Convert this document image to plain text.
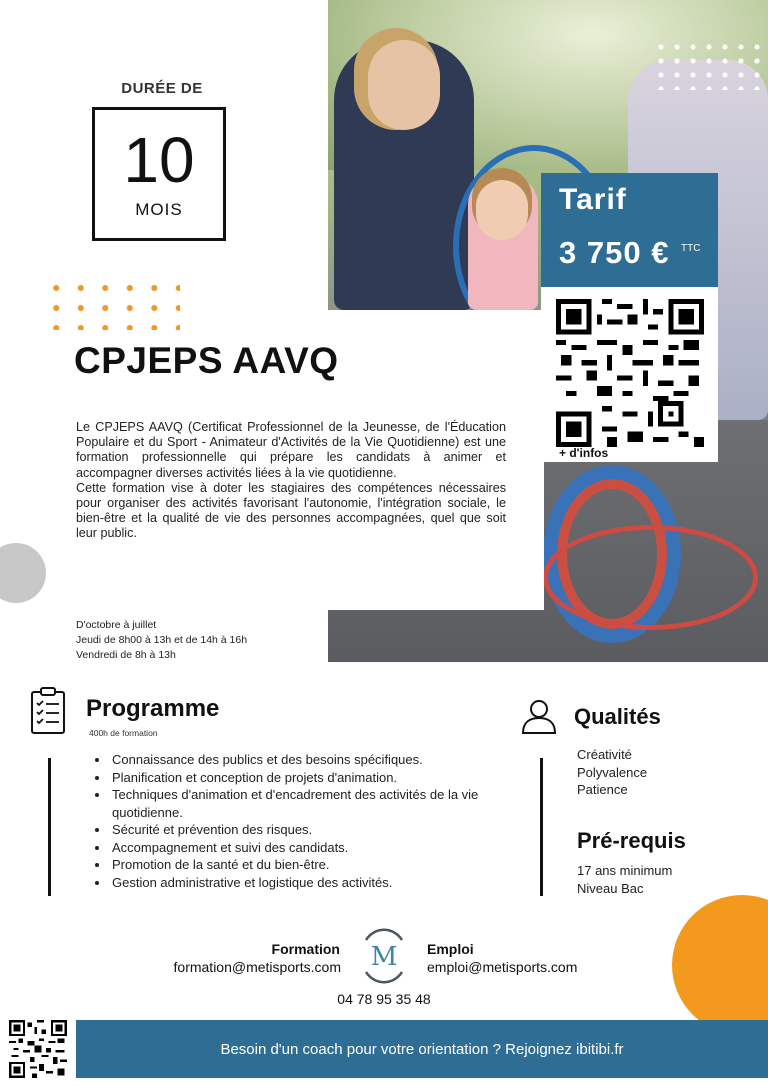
DURÉE DE
10
MOIS
CPJEPS AAVQ

Le CPJEPS AAVQ (Certificat Professionnel de la Jeunesse, de l'Éducation Populaire et du Sport - Animateur d'Activités de la Vie Quotidienne) est une formation professionnelle qui prépare les candidats à animer et accompagner diverses activités liées à la vie quotidienne.

Cette formation vise à doter les stagiaires des compétences nécessaires pour organiser des activités favorisant l'autonomie, l'intégration sociale, le bien-être et la qualité de vie des personnes accompagnées, quel que soit leur public.

D'octobre à juillet
Jeudi de 8h00 à 13h et de 14h à 16h
Vendredi de 8h à 13h
Tarif
3 750 € TTC
+ d'infos
Programme
400h de formation
• Connaissance des publics et des besoins spécifiques.
• Planification et conception de projets d'animation.
• Techniques d'animation et d'encadrement des activités de la vie quotidienne.
• Sécurité et prévention des risques.
• Accompagnement et suivi des candidats.
• Promotion de la santé et du bien-être.
• Gestion administrative et logistique des activités.
Qualités
Créativité
Polyvalence
Patience
Pré-requis
17 ans minimum
Niveau Bac
Formation
formation@metisports.com M Emploi
emploi@metisports.com
04 78 95 35 48
Besoin d'un coach pour votre orientation ? Rejoignez ibitibi.fr
